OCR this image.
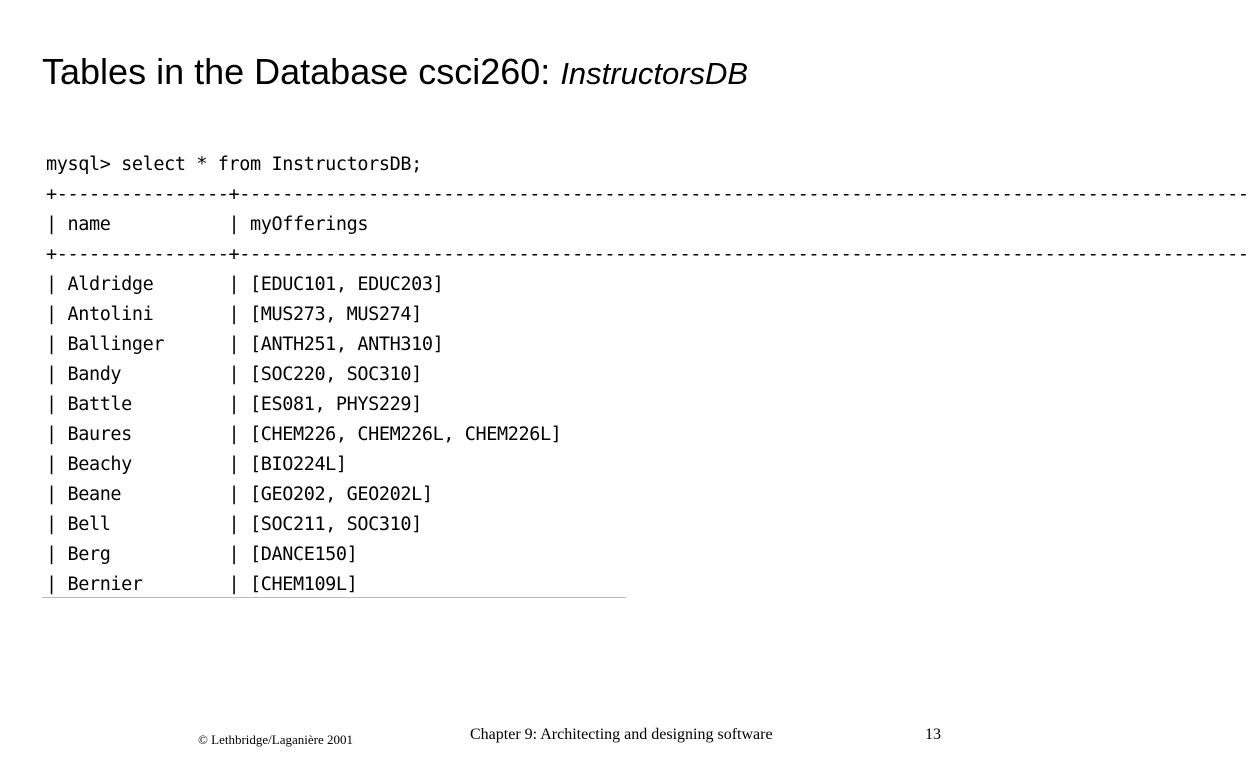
Tables in the Database csci260: InstructorsDB
mysql> select * from InstructorsDB;
+----------------+----------------------------------------------------------------------------------------------
| name           | myOfferings
+----------------+----------------------------------------------------------------------------------------------
| Aldridge       | [EDUC101, EDUC203]
| Antolini       | [MUS273, MUS274]
| Ballinger      | [ANTH251, ANTH310]
| Bandy          | [SOC220, SOC310]
| Battle         | [ES081, PHYS229]
| Baures         | [CHEM226, CHEM226L, CHEM226L]
| Beachy         | [BIO224L]
| Beane          | [GEO202, GEO202L]
| Bell           | [SOC211, SOC310]
| Berg           | [DANCE150]
| Bernier        | [CHEM109L]
© Lethbridge/Laganière 2001	Chapter 9: Architecting and designing software	13
